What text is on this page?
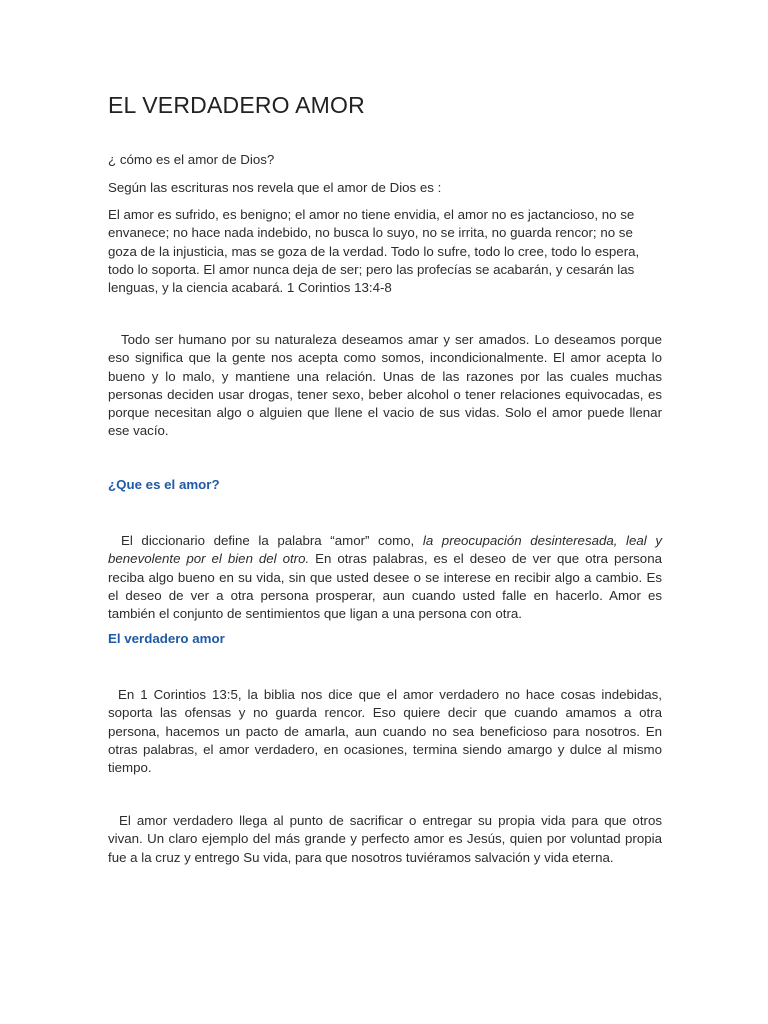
EL VERDADERO AMOR

¿ cómo es el amor de Dios?

Según las escrituras nos revela que el amor de Dios es :

El amor es sufrido, es benigno; el amor no tiene envidia, el amor no es jactancioso, no se envanece; no hace nada indebido, no busca lo suyo, no se irrita, no guarda rencor; no se goza de la injusticia, mas se goza de la verdad. Todo lo sufre, todo lo cree, todo lo espera, todo lo soporta. El amor nunca deja de ser; pero las profecías se acabarán, y cesarán las lenguas, y la ciencia acabará. 1 Corintios 13:4-8

Todo ser humano por su naturaleza deseamos amar y ser amados. Lo deseamos porque eso significa que la gente nos acepta como somos, incondicionalmente. El amor acepta lo bueno y lo malo, y mantiene una relación. Unas de las razones por las cuales muchas personas deciden usar drogas, tener sexo, beber alcohol o tener relaciones equivocadas, es porque necesitan algo o alguien que llene el vacio de sus vidas. Solo el amor puede llenar ese vacío.

¿Que es el amor?

El diccionario define la palabra “amor” como, la preocupación desinteresada, leal y benevolente por el bien del otro. En otras palabras, es el deseo de ver que otra persona reciba algo bueno en su vida, sin que usted desee o se interese en recibir algo a cambio. Es el deseo de ver a otra persona prosperar, aun cuando usted falle en hacerlo. Amor es también el conjunto de sentimientos que ligan a una persona con otra.

El verdadero amor

En 1 Corintios 13:5, la biblia nos dice que el amor verdadero no hace cosas indebidas, soporta las ofensas y no guarda rencor. Eso quiere decir que cuando amamos a otra persona, hacemos un pacto de amarla, aun cuando no sea beneficioso para nosotros. En otras palabras, el amor verdadero, en ocasiones, termina siendo amargo y dulce al mismo tiempo.

El amor verdadero llega al punto de sacrificar o entregar su propia vida para que otros vivan. Un claro ejemplo del más grande y perfecto amor es Jesús, quien por voluntad propia fue a la cruz y entrego Su vida, para que nosotros tuviéramos salvación y vida eterna.
